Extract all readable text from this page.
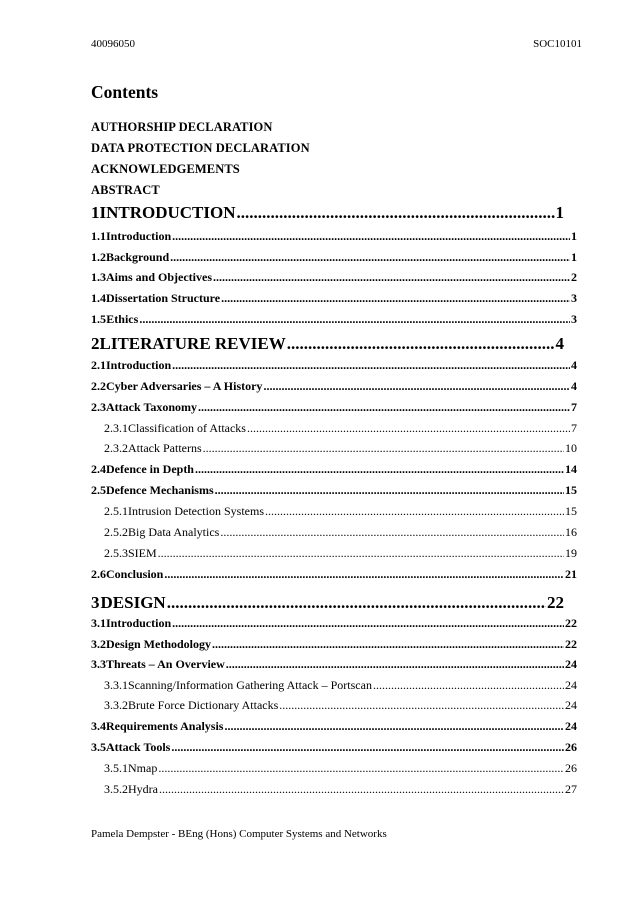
40096050	SOC10101
Contents
AUTHORSHIP DECLARATION
DATA PROTECTION DECLARATION
ACKNOWLEDGEMENTS
ABSTRACT
1 INTRODUCTION .....	1
1.1 Introduction .....	1
1.2 Background .....	1
1.3 Aims and Objectives .....	2
1.4 Dissertation Structure .....	3
1.5 Ethics .....	3
2 LITERATURE REVIEW .....	4
2.1 Introduction .....	4
2.2 Cyber Adversaries – A History .....	4
2.3 Attack Taxonomy .....	7
2.3.1 Classification of Attacks .....	7
2.3.2 Attack Patterns .....	10
2.4 Defence in Depth .....	14
2.5 Defence Mechanisms .....	15
2.5.1 Intrusion Detection Systems .....	15
2.5.2 Big Data Analytics .....	16
2.5.3 SIEM .....	19
2.6 Conclusion .....	21
3 DESIGN .....	22
3.1 Introduction .....	22
3.2 Design Methodology .....	22
3.3 Threats – An Overview .....	24
3.3.1 Scanning/Information Gathering Attack – Portscan .....	24
3.3.2 Brute Force Dictionary Attacks .....	24
3.4 Requirements Analysis .....	24
3.5 Attack Tools .....	26
3.5.1 Nmap .....	26
3.5.2 Hydra .....	27
Pamela Dempster - BEng (Hons) Computer Systems and Networks
